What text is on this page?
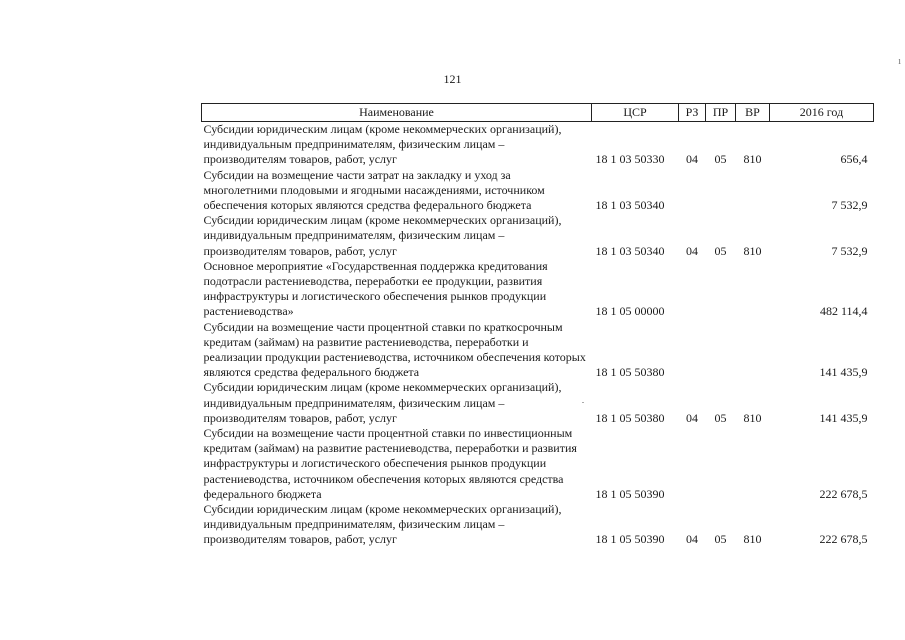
121
ı
Наименование	ЦСР	РЗ	ПР	ВР	2016 год
Субсидии юридическим лицам (кроме некоммерческих организаций), индивидуальным предпринимателям, физическим лицам – производителям товаров, работ, услуг	18 1 03 50330	04	05	810	656,4
Субсидии на возмещение части затрат на закладку и уход за многолетними плодовыми и ягодными насаждениями, источником обеспечения которых являются средства федерального бюджета	18 1 03 50340				7 532,9
Субсидии юридическим лицам (кроме некоммерческих организаций), индивидуальным предпринимателям, физическим лицам – производителям товаров, работ, услуг	18 1 03 50340	04	05	810	7 532,9
Основное мероприятие «Государственная поддержка кредитования подотрасли растениеводства, переработки ее продукции, развития инфраструктуры и логистического обеспечения рынков продукции растениеводства»	18 1 05 00000				482 114,4
Субсидии на возмещение части процентной ставки по краткосрочным кредитам (займам) на развитие растениеводства, переработки и реализации продукции растениеводства, источником обеспечения которых являются средства федерального бюджета	18 1 05 50380				141 435,9
Субсидии юридическим лицам (кроме некоммерческих организаций), индивидуальным предпринимателям, физическим лицам – производителям товаров, работ, услуг	18 1 05 50380	04	05	810	141 435,9
Субсидии на возмещение части процентной ставки по инвестиционным кредитам (займам) на развитие растениеводства, переработки и развития инфраструктуры и логистического обеспечения рынков продукции растениеводства, источником обеспечения которых являются средства федерального бюджета	18 1 05 50390				222 678,5
Субсидии юридическим лицам (кроме некоммерческих организаций), индивидуальным предпринимателям, физическим лицам – производителям товаров, работ, услуг	18 1 05 50390	04	05	810	222 678,5
